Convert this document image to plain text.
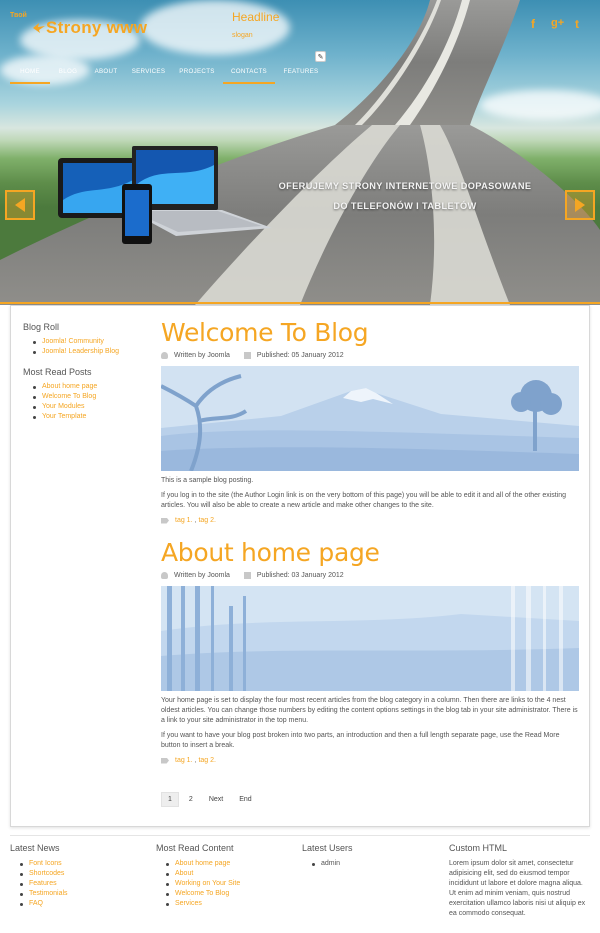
Твой
Strony www
Headline
slogan
f g+ t
HOME	BLOG	ABOUT	SERVICES	PROJECTS	CONTACTS	FEATURES
✎
OFERUJEMY STRONY INTERNETOWE DOPASOWANE
DO TELEFONÓW I TABLETÓW
Blog Roll
Joomla! Community
Joomla! Leadership Blog
Most Read Posts
About home page
Welcome To Blog
Your Modules
Your Template
Welcome To Blog
Written by Joomla	Published: 05 January 2012

This is a sample blog posting.

If you log in to the site (the Author Login link is on the very bottom of this page) you will be able to edit it and all of the other existing articles. You will also be able to create a new article and make other changes to the site.

tag 1. , tag 2.
About home page
Written by Joomla	Published: 03 January 2012

Your home page is set to display the four most recent articles from the blog category in a column. Then there are links to the 4 nest oldest articles. You can change those numbers by editing the content options settings in the blog tab in your site administrator. There is a link to your site administrator in the top menu.

If you want to have your blog post broken into two parts, an introduction and then a full length separate page, use the Read More button to insert a break.

tag 1. , tag 2.
1	2	Next	End
Latest News
Font Icons
Shortcodes
Features
Testimonials
FAQ
Most Read Content
About home page
About
Working on Your Site
Welcome To Blog
Services
Latest Users
admin
Custom HTML

Lorem ipsum dolor sit amet, consectetur adipisicing elit, sed do eiusmod tempor incididunt ut labore et dolore magna aliqua. Ut enim ad minim veniam, quis nostrud exercitation ullamco laboris nisi ut aliquip ex ea commodo consequat.
